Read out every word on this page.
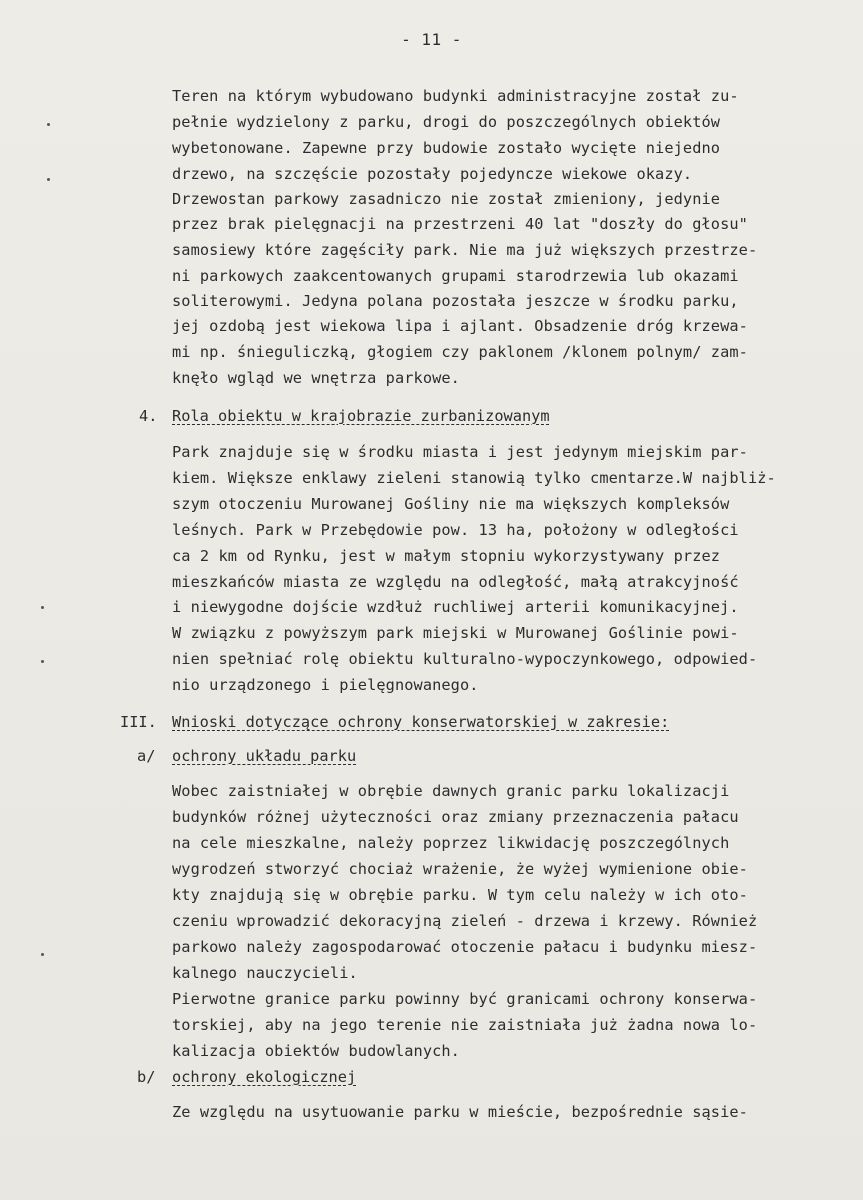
- 11 -
Teren na którym wybudowano budynki administracyjne został zu-
pełnie wydzielony z parku, drogi do poszczególnych obiektów
wybetonowane. Zapewne przy budowie zostało wycięte niejedno
drzewo, na szczęście pozostały pojedyncze wiekowe okazy.
Drzewostan parkowy zasadniczo nie został zmieniony, jedynie
przez brak pielęgnacji na przestrzeni 40 lat "doszły do głosu"
samosiewy które zagęściły park. Nie ma już większych przestrze-
ni parkowych zaakcentowanych grupami starodrzewia lub okazami
soliterowymi. Jedyna polana pozostała jeszcze w środku parku,
jej ozdobą jest wiekowa lipa i ajlant. Obsadzenie dróg krzewa-
mi np. śnieguliczką, głogiem czy paklonem /klonem polnym/ zam-
knęło wgląd we wnętrza parkowe.
4. Rola obiektu w krajobrazie zurbanizowanym
Park znajduje się w środku miasta i jest jedynym miejskim par-
kiem. Większe enklawy zieleni stanowią tylko cmentarze.W najbliż-
szym otoczeniu Murowanej Gośliny nie ma większych kompleksów
leśnych. Park w Przebędowie pow. 13 ha, położony w odległości
ca 2 km od Rynku, jest w małym stopniu wykorzystywany przez
mieszkańców miasta ze względu na odległość, małą atrakcyjność
i niewygodne dojście wzdłuż ruchliwej arterii komunikacyjnej.
W związku z powyższym park miejski w Murowanej Goślinie powi-
nien spełniać rolę obiektu kulturalno-wypoczynkowego, odpowied-
nio urządzonego i pielęgnowanego.
III. Wnioski dotyczące ochrony konserwatorskiej w zakresie:
a/ ochrony układu parku
Wobec zaistniałej w obrębie dawnych granic parku lokalizacji
budynków różnej użyteczności oraz zmiany przeznaczenia pałacu
na cele mieszkalne, należy poprzez likwidację poszczególnych
wygrodzeń stworzyć chociaż wrażenie, że wyżej wymienione obie-
kty znajdują się w obrębie parku. W tym celu należy w ich oto-
czeniu wprowadzić dekoracyjną zieleń - drzewa i krzewy. Również
parkowo należy zagospodarować otoczenie pałacu i budynku miesz-
kalnego nauczycieli.
Pierwotne granice parku powinny być granicami ochrony konserwa-
torskiej, aby na jego terenie nie zaistniała już żadna nowa lo-
kalizacja obiektów budowlanych.
b/ ochrony ekologicznej
Ze względu na usytuowanie parku w mieście, bezpośrednie sąsie-
